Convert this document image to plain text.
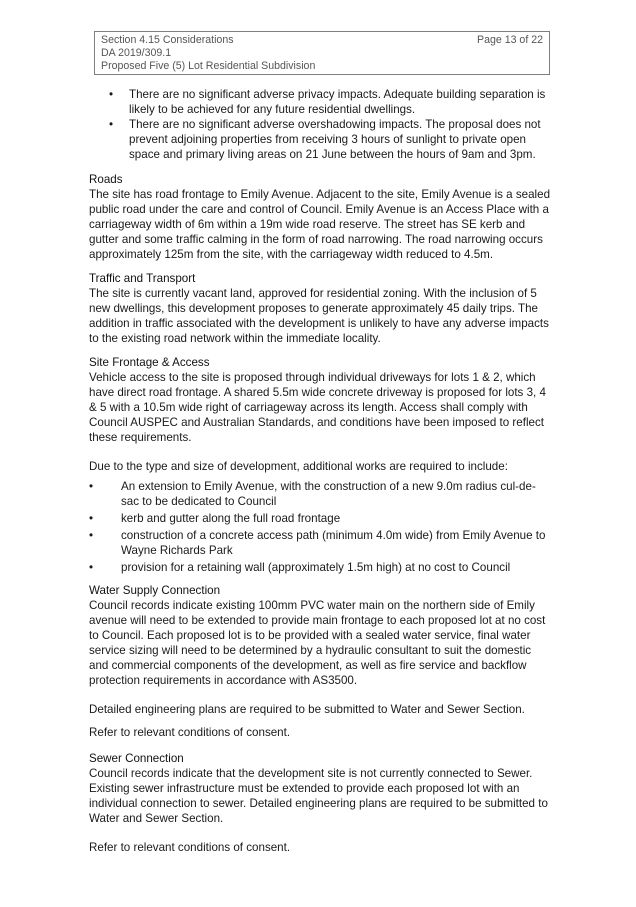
Section 4.15 Considerations	Page 13 of 22
DA 2019/309.1
Proposed Five (5) Lot Residential Subdivision
• There are no significant adverse privacy impacts. Adequate building separation is likely to be achieved for any future residential dwellings.
• There are no significant adverse overshadowing impacts. The proposal does not prevent adjoining properties from receiving 3 hours of sunlight to private open space and primary living areas on 21 June between the hours of 9am and 3pm.
Roads

The site has road frontage to Emily Avenue. Adjacent to the site, Emily Avenue is a sealed public road under the care and control of Council. Emily Avenue is an Access Place with a carriageway width of 6m within a 19m wide road reserve. The street has SE kerb and gutter and some traffic calming in the form of road narrowing. The road narrowing occurs approximately 125m from the site, with the carriageway width reduced to 4.5m.

Traffic and Transport

The site is currently vacant land, approved for residential zoning. With the inclusion of 5 new dwellings, this development proposes to generate approximately 45 daily trips. The addition in traffic associated with the development is unlikely to have any adverse impacts to the existing road network within the immediate locality.

Site Frontage & Access

Vehicle access to the site is proposed through individual driveways for lots 1 & 2, which have direct road frontage. A shared 5.5m wide concrete driveway is proposed for lots 3, 4 & 5 with a 10.5m wide right of carriageway across its length. Access shall comply with Council AUSPEC and Australian Standards, and conditions have been imposed to reflect these requirements.

Due to the type and size of development, additional works are required to include:

• An extension to Emily Avenue, with the construction of a new 9.0m radius cul-de-sac to be dedicated to Council
• kerb and gutter along the full road frontage
• construction of a concrete access path (minimum 4.0m wide) from Emily Avenue to Wayne Richards Park
• provision for a retaining wall (approximately 1.5m high) at no cost to Council
Water Supply Connection

Council records indicate existing 100mm PVC water main on the northern side of Emily avenue will need to be extended to provide main frontage to each proposed lot at no cost to Council. Each proposed lot is to be provided with a sealed water service, final water service sizing will need to be determined by a hydraulic consultant to suit the domestic and commercial components of the development, as well as fire service and backflow protection requirements in accordance with AS3500.

Detailed engineering plans are required to be submitted to Water and Sewer Section.

Refer to relevant conditions of consent.

Sewer Connection

Council records indicate that the development site is not currently connected to Sewer. Existing sewer infrastructure must be extended to provide each proposed lot with an individual connection to sewer. Detailed engineering plans are required to be submitted to Water and Sewer Section.

Refer to relevant conditions of consent.
